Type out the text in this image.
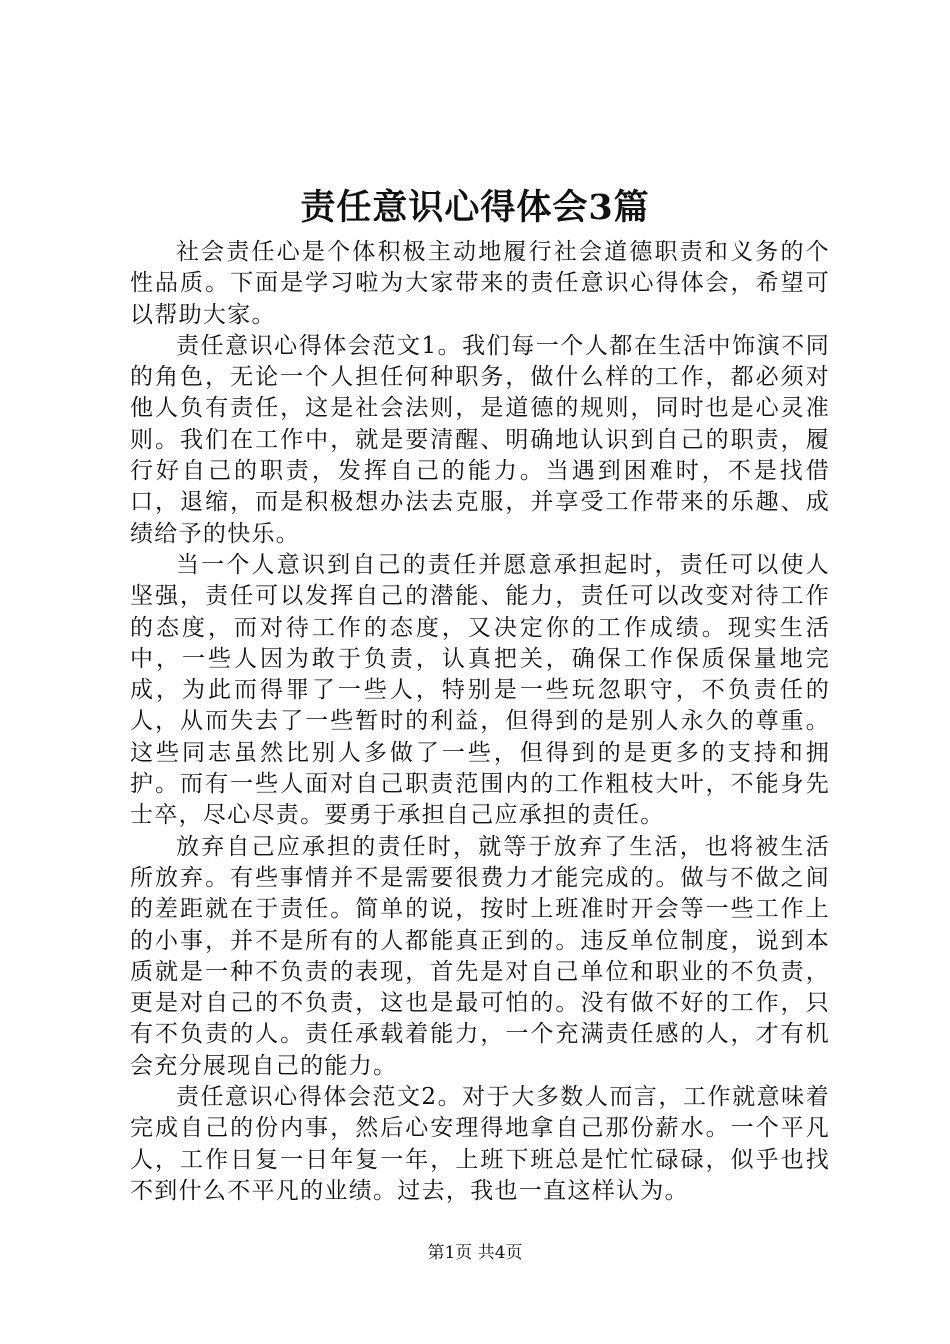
责任意识心得体会3篇

社会责任心是个体积极主动地履行社会道德职责和义务的个性品质。下面是学习啦为大家带来的责任意识心得体会，希望可以帮助大家。

责任意识心得体会范文1。我们每一个人都在生活中饰演不同的角色，无论一个人担任何种职务，做什么样的工作，都必须对他人负有责任，这是社会法则，是道德的规则，同时也是心灵准则。我们在工作中，就是要清醒、明确地认识到自己的职责，履行好自己的职责，发挥自己的能力。当遇到困难时，不是找借口，退缩，而是积极想办法去克服，并享受工作带来的乐趣、成绩给予的快乐。

当一个人意识到自己的责任并愿意承担起时，责任可以使人坚强，责任可以发挥自己的潜能、能力，责任可以改变对待工作的态度，而对待工作的态度，又决定你的工作成绩。现实生活中，一些人因为敢于负责，认真把关，确保工作保质保量地完成，为此而得罪了一些人，特别是一些玩忽职守，不负责任的人，从而失去了一些暂时的利益，但得到的是别人永久的尊重。这些同志虽然比别人多做了一些，但得到的是更多的支持和拥护。而有一些人面对自己职责范围内的工作粗枝大叶，不能身先士卒，尽心尽责。要勇于承担自己应承担的责任。

放弃自己应承担的责任时，就等于放弃了生活，也将被生活所放弃。有些事情并不是需要很费力才能完成的。做与不做之间的差距就在于责任。简单的说，按时上班准时开会等一些工作上的小事，并不是所有的人都能真正到的。违反单位制度，说到本质就是一种不负责的表现，首先是对自己单位和职业的不负责，更是对自己的不负责，这也是最可怕的。没有做不好的工作，只有不负责的人。责任承载着能力，一个充满责任感的人，才有机会充分展现自己的能力。

责任意识心得体会范文2。对于大多数人而言，工作就意味着完成自己的份内事，然后心安理得地拿自己那份薪水。一个平凡人，工作日复一日年复一年，上班下班总是忙忙碌碌，似乎也找不到什么不平凡的业绩。过去，我也一直这样认为。

第1页 共4页
